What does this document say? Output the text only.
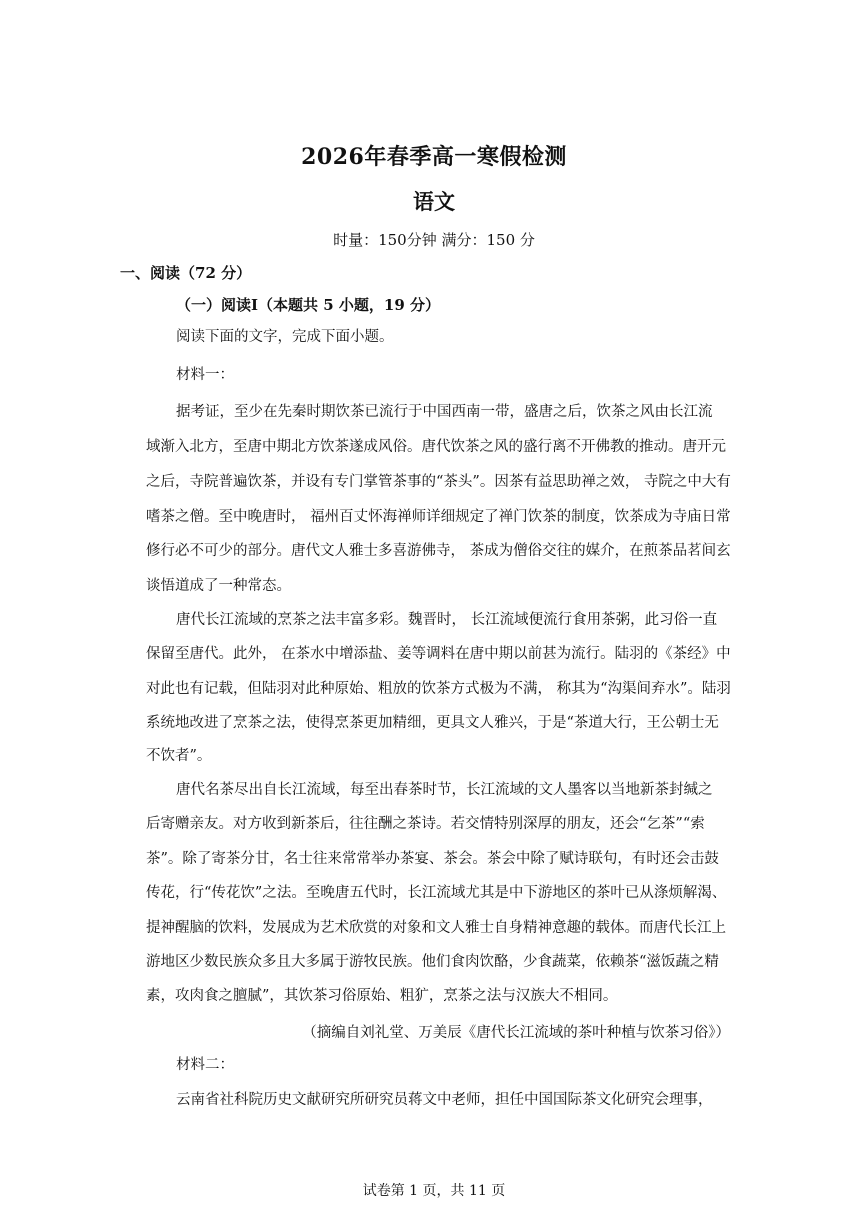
2026年春季高一寒假检测
语文
时量：150分钟 满分：150 分
一、阅读（72 分）
（一）阅读Ⅰ（本题共 5 小题，19 分）
阅读下面的文字，完成下面小题。
材料一：
据考证，至少在先秦时期饮茶已流行于中国西南一带，盛唐之后，饮茶之风由长江流
域渐入北方，至唐中期北方饮茶遂成风俗。唐代饮茶之风的盛行离不开佛教的推动。唐开元
之后，寺院普遍饮茶，并设有专门掌管茶事的“茶头”。因茶有益思助禅之效， 寺院之中大有
嗜茶之僧。至中晚唐时， 福州百丈怀海禅师详细规定了禅门饮茶的制度，饮茶成为寺庙日常
修行必不可少的部分。唐代文人雅士多喜游佛寺， 茶成为僧俗交往的媒介，在煎茶品茗间玄
谈悟道成了一种常态。
唐代长江流域的烹茶之法丰富多彩。魏晋时， 长江流域便流行食用茶粥，此习俗一直
保留至唐代。此外， 在茶水中增添盐、姜等调料在唐中期以前甚为流行。陆羽的《茶经》中
对此也有记载，但陆羽对此种原始、粗放的饮茶方式极为不满， 称其为“沟渠间弃水”。陆羽
系统地改进了烹茶之法，使得烹茶更加精细，更具文人雅兴，于是“茶道大行，王公朝士无
不饮者”。
唐代名茶尽出自长江流域，每至出春茶时节，长江流域的文人墨客以当地新茶封缄之
后寄赠亲友。对方收到新茶后，往往酬之茶诗。若交情特别深厚的朋友，还会“乞茶”“索
茶”。除了寄茶分甘，名士往来常常举办茶宴、茶会。茶会中除了赋诗联句，有时还会击鼓
传花，行“传花饮”之法。至晚唐五代时，长江流域尤其是中下游地区的茶叶已从涤烦解渴、
提神醒脑的饮料，发展成为艺术欣赏的对象和文人雅士自身精神意趣的载体。而唐代长江上
游地区少数民族众多且大多属于游牧民族。他们食肉饮酪，少食蔬菜，依赖茶“滋饭蔬之精
素，攻肉食之膻腻”，其饮茶习俗原始、粗犷，烹茶之法与汉族大不相同。
（摘编自刘礼堂、万美辰《唐代长江流域的茶叶种植与饮茶习俗》）
材料二：
云南省社科院历史文献研究所研究员蒋文中老师，担任中国国际茶文化研究会理事，
试卷第 1 页，共 11 页
